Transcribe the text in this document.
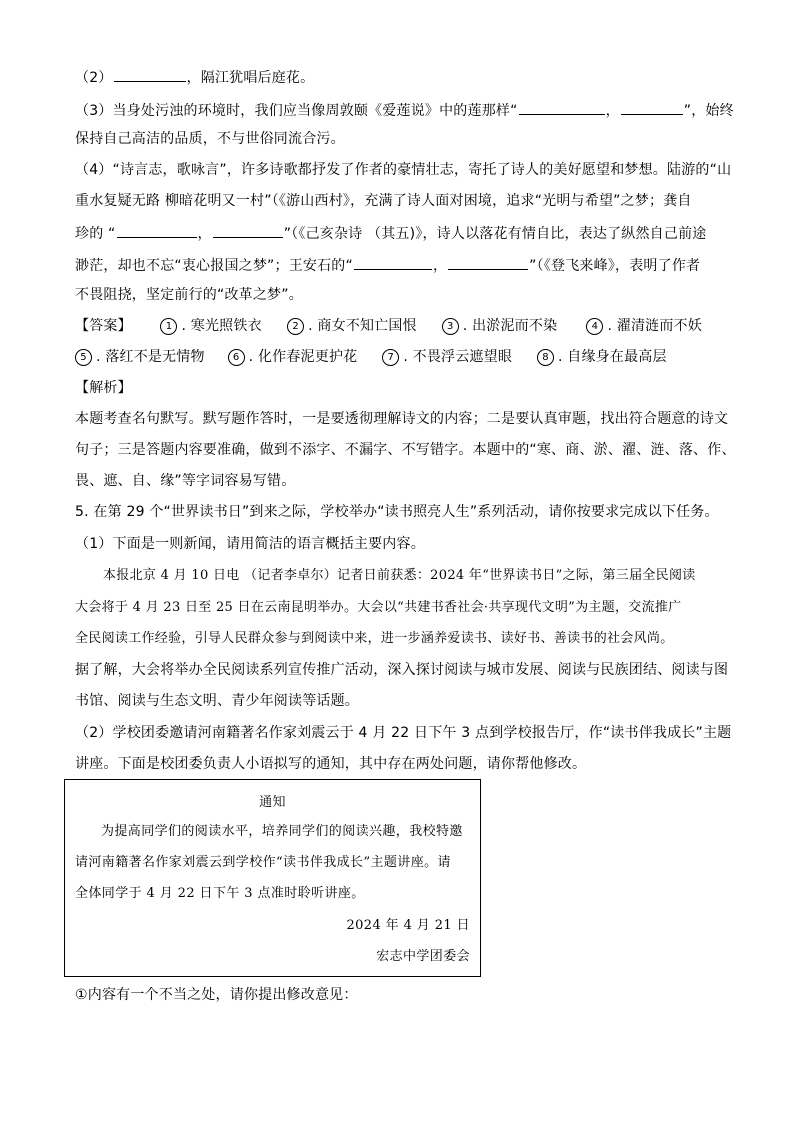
（2）	，隔江犹唱后庭花。
（3）当身处污浊的环境时，我们应当像周敦颐《爱莲说》中的莲那样“	，	”，始终
保持自己高洁的品质，不与世俗同流合污。
（4）“诗言志，歌咏言”，许多诗歌都抒发了作者的豪情壮志，寄托了诗人的美好愿望和梦想。陆游的“山
重水复疑无路 柳暗花明又一村”（《游山西村》，充满了诗人面对困境，追求“光明与希望”之梦；龚自
珍的 “	，	”（《己亥杂诗 （其五)》，诗人以落花有情自比，表达了纵然自己前途
渺茫，却也不忘“衷心报国之梦”；王安石的“	，	”（《登飞来峰》，表明了作者
不畏阻挠，坚定前行的“改革之梦”。
【答案】	1 . 寒光照铁衣	2 . 商女不知亡国恨	3 . 出淤泥而不染	4 . 濯清涟而不妖
5 . 落红不是无情物	6 . 化作春泥更护花	7 . 不畏浮云遮望眼	8 . 自缘身在最高层
【解析】
本题考查名句默写。默写题作答时，一是要透彻理解诗文的内容；二是要认真审题，找出符合题意的诗文
句子；三是答题内容要准确，做到不添字、不漏字、不写错字。本题中的“寒、商、淤、濯、涟、落、作、
畏、遮、自、缘”等字词容易写错。
5. 在第 29 个“世界读书日”到来之际，学校举办“读书照亮人生”系列活动，请你按要求完成以下任务。
（1）下面是一则新闻，请用简洁的语言概括主要内容。
本报北京 4 月 10 日电 （记者李卓尔）记者日前获悉：2024 年“世界读书日”之际，第三届全民阅读
大会将于 4 月 23 日至 25 日在云南昆明举办。大会以“共建书香社会·共享现代文明”为主题，交流推广
全民阅读工作经验，引导人民群众参与到阅读中来，进一步涵养爱读书、读好书、善读书的社会风尚。
据了解，大会将举办全民阅读系列宣传推广活动，深入探讨阅读与城市发展、阅读与民族团结、阅读与图
书馆、阅读与生态文明、青少年阅读等话题。
（2）学校团委邀请河南籍著名作家刘震云于 4 月 22 日下午 3 点到学校报告厅，作“读书伴我成长”主题
讲座。下面是校团委负责人小语拟写的通知，其中存在两处问题，请你帮他修改。
通知
为提高同学们的阅读水平，培养同学们的阅读兴趣，我校特邀
请河南籍著名作家刘震云到学校作“读书伴我成长”主题讲座。请
全体同学于 4 月 22 日下午 3 点准时聆听讲座。
2024 年 4 月 21 日
宏志中学团委会
①内容有一个不当之处，请你提出修改意见：
